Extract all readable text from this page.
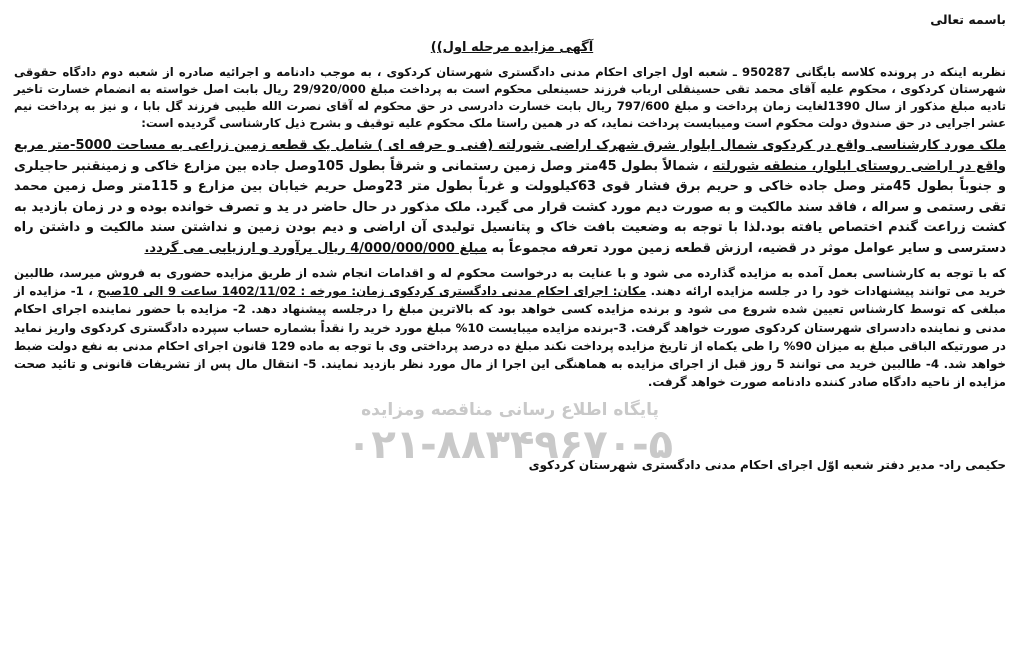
باسمه تعالی
آگهی مزایده مرحله اول))

نظربه اینکه در پرونده کلاسه بایگانی 950287 ـ شعبه اول اجرای احکام مدنی دادگستری شهرستان کردکوی ، به موجب دادنامه و اجرائیه صادره از شعبه دوم دادگاه حقوقی شهرستان کردکوی ، محکوم علیه آقای محمد تقی حسینقلی ارباب فرزند حسینعلی محکوم است به پرداخت مبلغ 29/920/000 ریال بابت اصل خواسته به انضمام خسارت تاخیر تادیه مبلغ مذکور از سال 1390لغایت زمان پرداخت و مبلغ 797/600 ریال بابت خسارت دادرسی در حق محکوم له آقای نصرت الله طیبی فرزند گل بابا ، و نیز به پرداخت نیم عشر اجرایی در حق صندوق دولت محکوم است ومیبایست پرداخت نماید، که در همین راستا ملک محکوم علیه توقیف و بشرح ذیل کارشناسی گردیده است:

ملک مورد کارشناسی واقع در کردکوی شمال ابلوار شرق شهرک اراضی شورلته (فنی و حرفه ای ) شامل یک قطعه زمین زراعی به مساحت 5000-متر مربع واقع در اراضی روستای ابلوار، منطقه شورلته ، شمالاً بطول 45متر وصل زمین رستمانی و شرقاً بطول 105وصل جاده بین مزارع خاکی و زمینقنبر حاجیلری و جنوباً بطول 45متر وصل جاده خاکی و حریم برق فشار قوی 63کیلوولت و غرباً بطول متر 23وصل حریم خیابان بین مزارع و 115متر وصل زمین محمد تقی رستمی و سراله ، فاقد سند مالکیت و به صورت دیم مورد کشت قرار می گیرد. ملک مذکور در حال حاضر در ید و تصرف خوانده بوده و در زمان بازدید به کشت زراعت گندم اختصاص یافته بود.لذا با توجه به وضعیت بافت خاک و پتانسیل تولیدی آن اراضی و دیم بودن زمین و نداشتن سند مالکیت و داشتن راه دسترسی و سایر عوامل موثر در قضیه، ارزش قطعه زمین مورد تعرفه مجموعاً به مبلغ 4/000/000/000 ریال برآورد و ارزیابی می گردد.

که با توجه به کارشناسی بعمل آمده به مزایده گذارده می شود و با عنایت به درخواست محکوم له و اقدامات انجام شده از طریق مزایده حضوری به فروش میرسد، طالبین خرید می توانند پیشنهادات خود را در جلسه مزایده ارائه دهند. مکان: اجرای احکام مدنی دادگستری کردکوی زمان: مورخه : 1402/11/02 ساعت 9 الی 10صبح ، 1- مزایده از مبلغی که توسط کارشناس تعیین شده شروع می شود و برنده مزایده کسی خواهد بود که بالاترین مبلغ را درجلسه پیشنهاد دهد. 2- مزایده با حضور نماینده اجرای احکام مدنی و نماینده دادسرای شهرستان کردکوی صورت خواهد گرفت. 3-برنده مزایده میبایست 10% مبلغ مورد خرید را نقداً بشماره حساب سپرده دادگستری کردکوی واریز نماید در صورتیکه الباقی مبلغ به میزان 90% را طی یکماه از تاریخ مزایده پرداخت نکند مبلغ ده درصد پرداختی وی با توجه به ماده 129 قانون اجرای احکام مدنی به نفع دولت ضبط خواهد شد. 4- طالبین خرید می توانند 5 روز قبل از اجرای مزایده به هماهنگی این اجرا از مال مورد نظر بازدید نمایند. 5- انتقال مال پس از تشریفات قانونی و تائید صحت مزایده از ناحیه دادگاه صادر کننده دادنامه صورت خواهد گرفت.

حکیمی راد- مدیر دفتر شعبه اوّل اجرای احکام مدنی دادگستری شهرستان کردکوی
پایگاه اطلاع رسانی مناقصه ومزایده
۰۲۱-۸۸۳۴۹۶۷۰-۵
